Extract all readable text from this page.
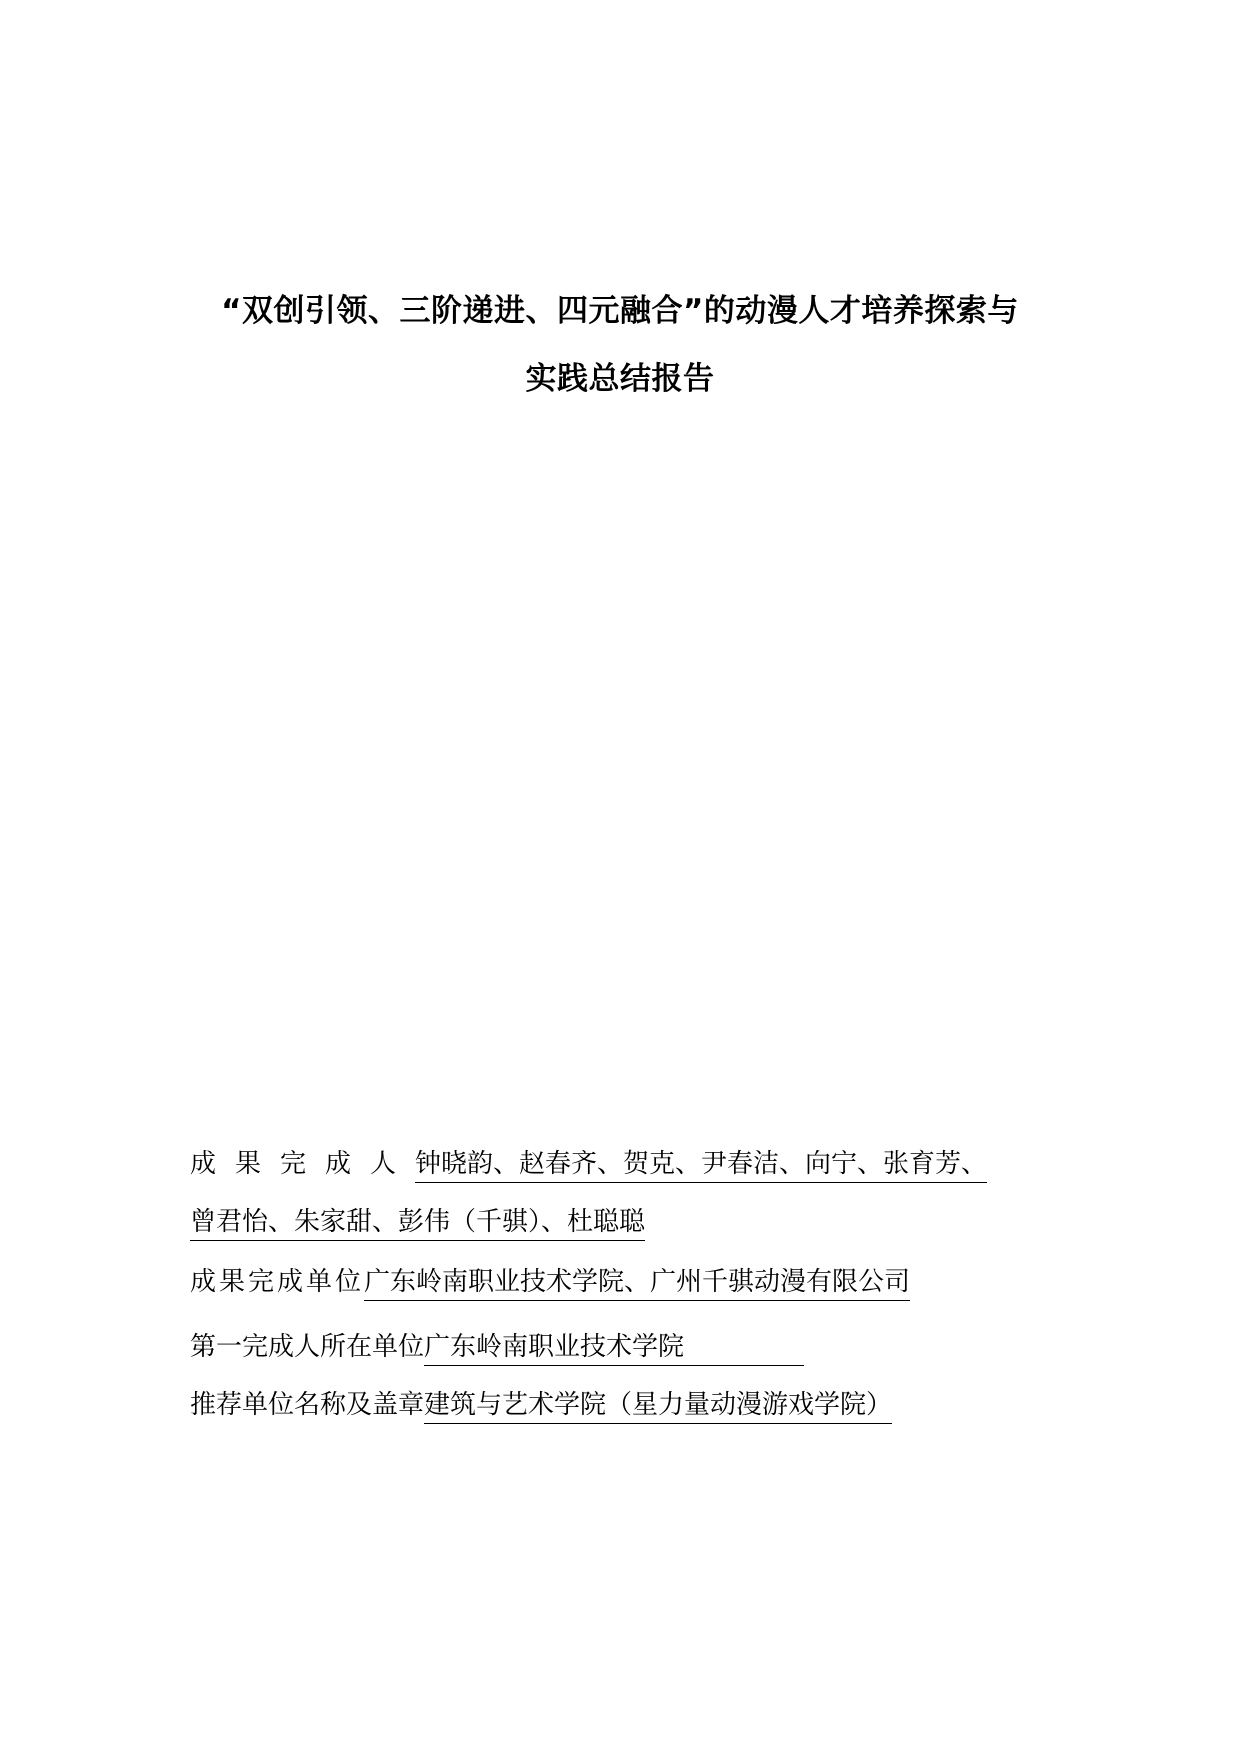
“双创引领、三阶递进、四元融合”的动漫人才培养探索与
实践总结报告
成果完成人钟晓韵、赵春齐、贺克、尹春洁、向宁、张育芳、
曾君怡、朱家甜、彭伟（千骐）、杜聪聪
成果完成单位广东岭南职业技术学院、广州千骐动漫有限公司
第一完成人所在单位广东岭南职业技术学院
推荐单位名称及盖章建筑与艺术学院（星力量动漫游戏学院）
